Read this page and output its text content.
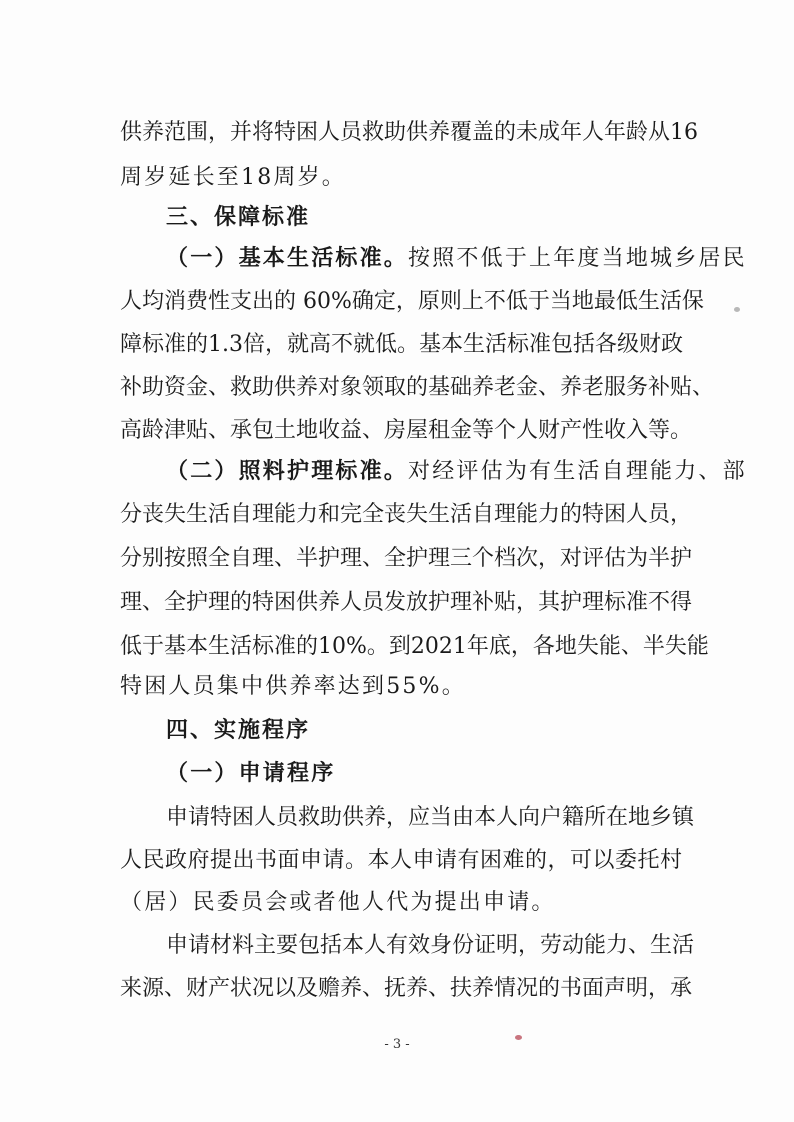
供养范围，并将特困人员救助供养覆盖的未成年人年龄从16
周岁延长至18周岁。
三、保障标准
（一）基本生活标准。按照不低于上年度当地城乡居民
人均消费性支出的 60%确定，原则上不低于当地最低生活保
障标准的1.3倍，就高不就低。基本生活标准包括各级财政
补助资金、救助供养对象领取的基础养老金、养老服务补贴、
高龄津贴、承包土地收益、房屋租金等个人财产性收入等。
（二）照料护理标准。对经评估为有生活自理能力、部
分丧失生活自理能力和完全丧失生活自理能力的特困人员，
分别按照全自理、半护理、全护理三个档次，对评估为半护
理、全护理的特困供养人员发放护理补贴，其护理标准不得
低于基本生活标准的10%。到2021年底，各地失能、半失能
特困人员集中供养率达到55%。
四、实施程序
（一）申请程序
申请特困人员救助供养，应当由本人向户籍所在地乡镇
人民政府提出书面申请。本人申请有困难的，可以委托村
（居）民委员会或者他人代为提出申请。
申请材料主要包括本人有效身份证明，劳动能力、生活
来源、财产状况以及赡养、抚养、扶养情况的书面声明，承
- 3 -
